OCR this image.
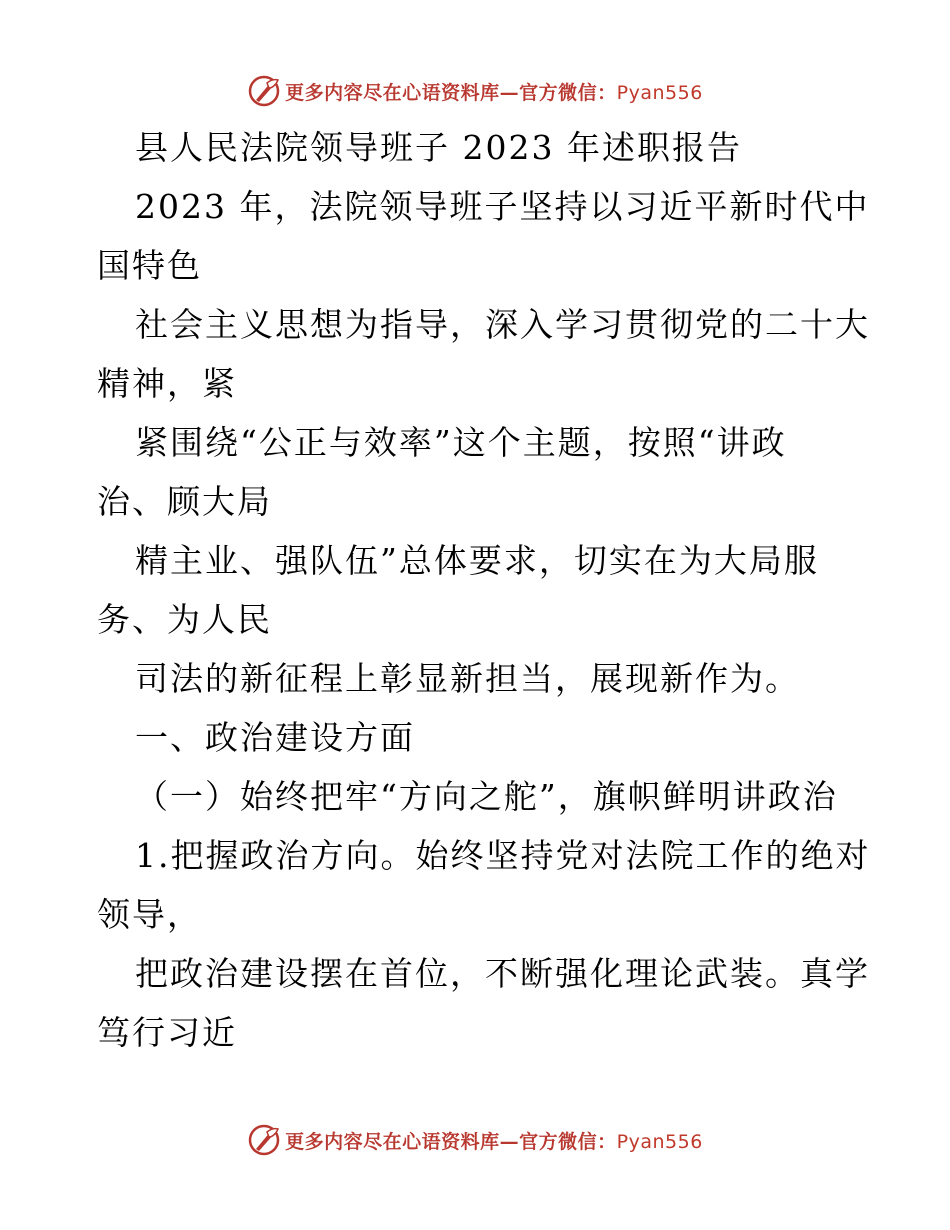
更多内容尽在心语资料库—官方微信：Pyan556
县人民法院领导班子 2023 年述职报告
2023 年，法院领导班子坚持以习近平新时代中
国特色
社会主义思想为指导，深入学习贯彻党的二十大
精神，紧
紧围绕“公正与效率”这个主题，按照“讲政
治、顾大局
精主业、强队伍”总体要求，切实在为大局服
务、为人民
司法的新征程上彰显新担当，展现新作为。
一、政治建设方面
（一）始终把牢“方向之舵”，旗帜鲜明讲政治
1.把握政治方向。始终坚持党对法院工作的绝对
领导，
把政治建设摆在首位，不断强化理论武装。真学
笃行习近
更多内容尽在心语资料库—官方微信：Pyan556
